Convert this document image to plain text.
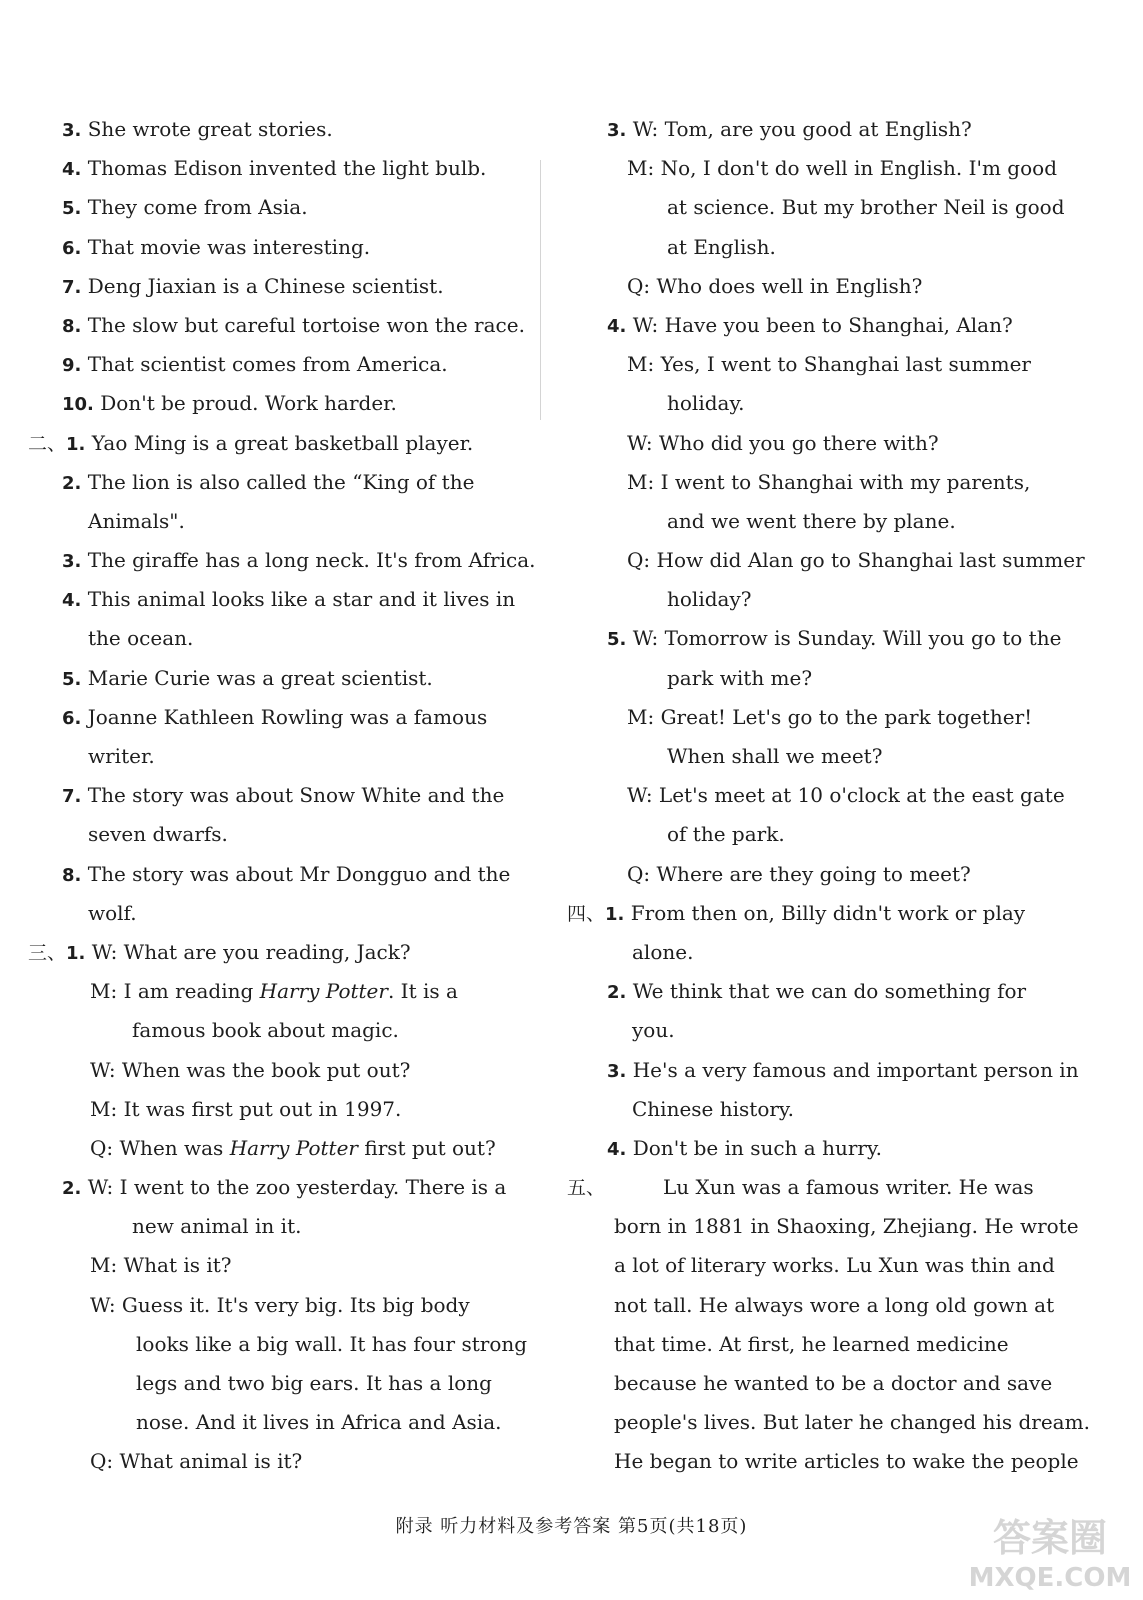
3. She wrote great stories.
4. Thomas Edison invented the light bulb.
5. They come from Asia.
6. That movie was interesting.
7. Deng Jiaxian is a Chinese scientist.
8. The slow but careful tortoise won the race.
9. That scientist comes from America.
10. Don't be proud. Work harder.
二、1. Yao Ming is a great basketball player.
2. The lion is also called the “King of the
Animals".
3. The giraffe has a long neck. It's from Africa.
4. This animal looks like a star and it lives in
the ocean.
5. Marie Curie was a great scientist.
6. Joanne Kathleen Rowling was a famous
writer.
7. The story was about Snow White and the
seven dwarfs.
8. The story was about Mr Dongguo and the
wolf.
三、1. W: What are you reading, Jack?
M: I am reading Harry Potter. It is a
famous book about magic.
W: When was the book put out?
M: It was first put out in 1997.
Q: When was Harry Potter first put out?
2. W: I went to the zoo yesterday. There is a
new animal in it.
M: What is it?
W: Guess it. It's very big. Its big body
looks like a big wall. It has four strong
legs and two big ears. It has a long
nose. And it lives in Africa and Asia.
Q: What animal is it?
3. W: Tom, are you good at English?
M: No, I don't do well in English. I'm good
at science. But my brother Neil is good
at English.
Q: Who does well in English?
4. W: Have you been to Shanghai, Alan?
M: Yes, I went to Shanghai last summer
holiday.
W: Who did you go there with?
M: I went to Shanghai with my parents,
and we went there by plane.
Q: How did Alan go to Shanghai last summer
holiday?
5. W: Tomorrow is Sunday. Will you go to the
park with me?
M: Great! Let's go to the park together!
When shall we meet?
W: Let's meet at 10 o'clock at the east gate
of the park.
Q: Where are they going to meet?
四、1. From then on, Billy didn't work or play
alone.
2. We think that we can do something for
you.
3. He's a very famous and important person in
Chinese history.
4. Don't be in such a hurry.
五、	Lu Xun was a famous writer. He was
born in 1881 in Shaoxing, Zhejiang. He wrote
a lot of literary works. Lu Xun was thin and
not tall. He always wore a long old gown at
that time. At first, he learned medicine
because he wanted to be a doctor and save
people's lives. But later he changed his dream.
He began to write articles to wake the people
附录 听力材料及参考答案 第5页(共18页)	答案圈
MXQE.COM
